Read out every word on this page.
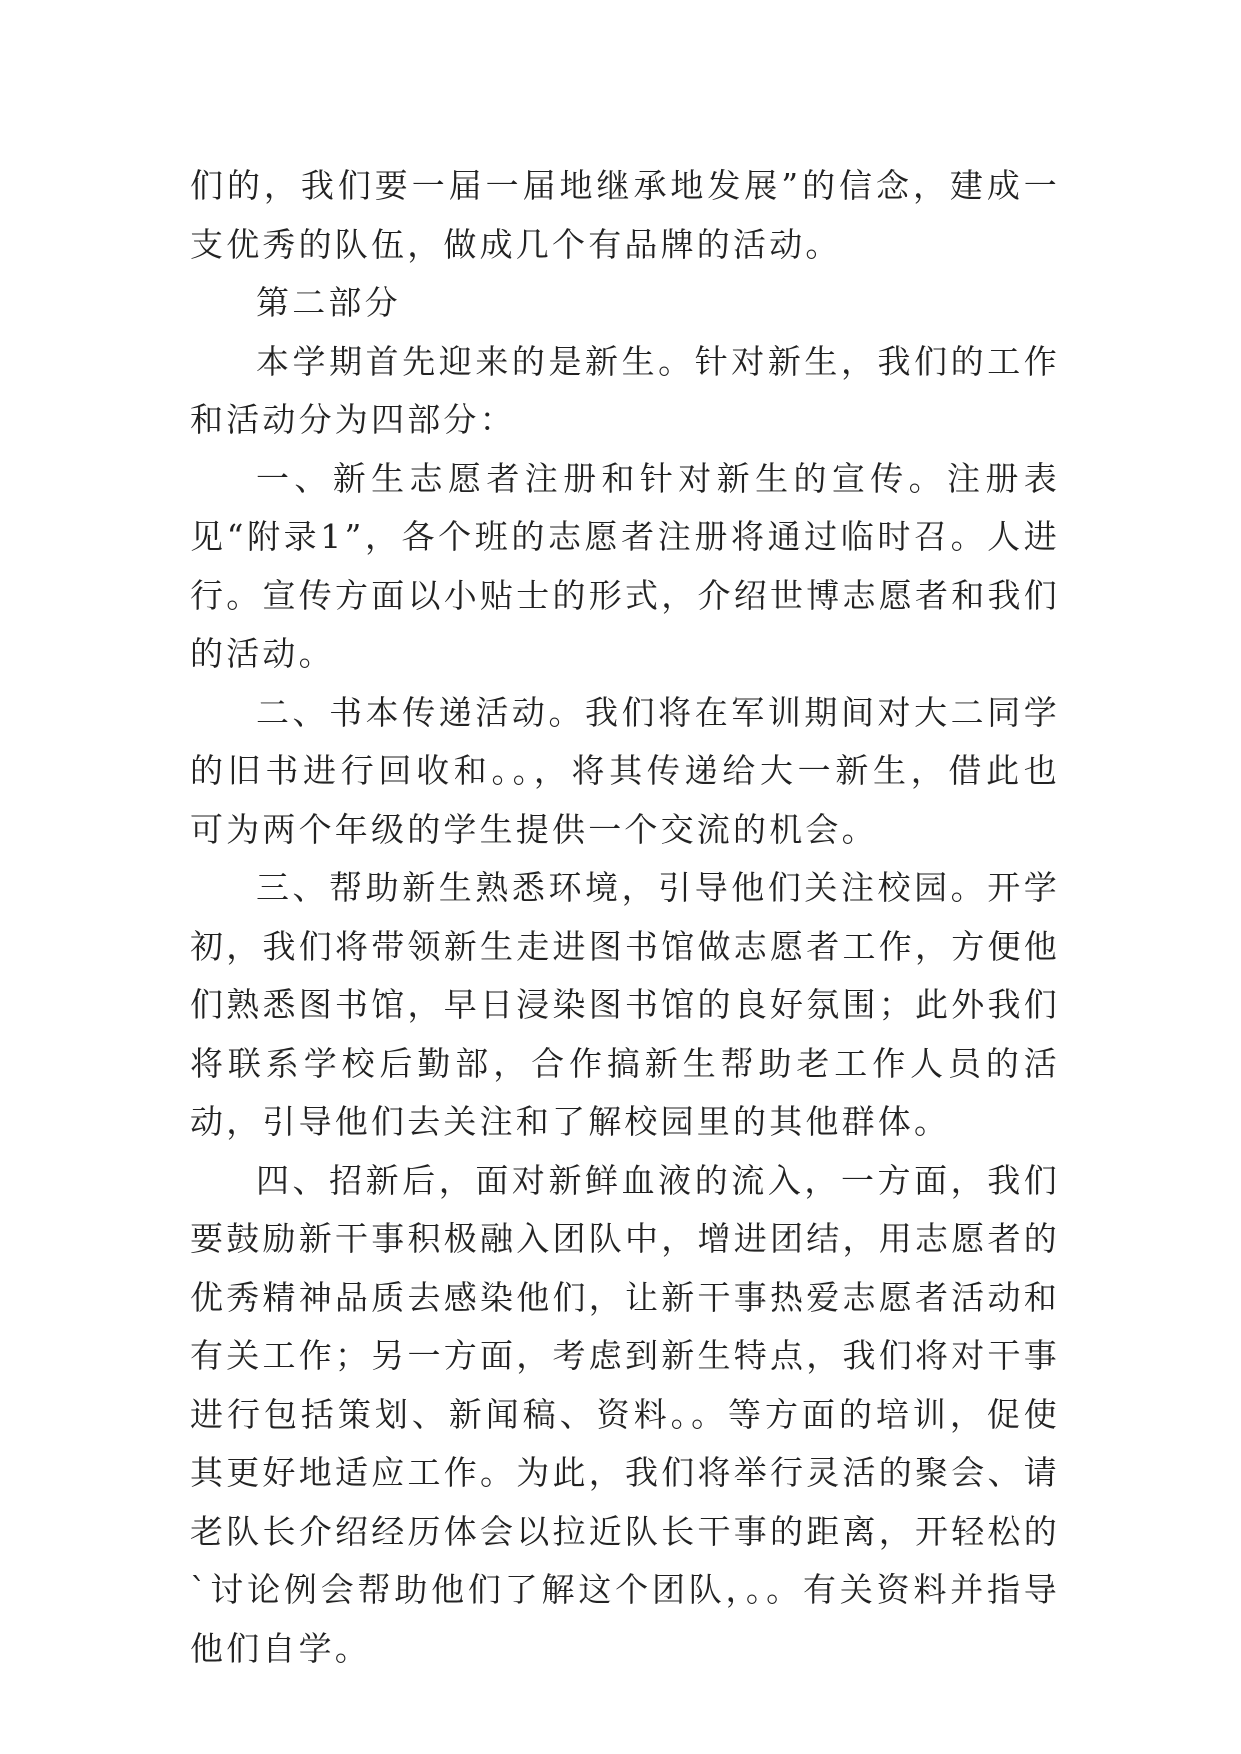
们的，我们要一届一届地继承地发展”的信念，建成一支优秀的队伍，做成几个有品牌的活动。

第二部分

本学期首先迎来的是新生。针对新生，我们的工作和活动分为四部分：

一、新生志愿者注册和针对新生的宣传。注册表见“附录1”，各个班的志愿者注册将通过临时召。人进行。宣传方面以小贴士的形式，介绍世博志愿者和我们的活动。

二、书本传递活动。我们将在军训期间对大二同学的旧书进行回收和。。，将其传递给大一新生，借此也可为两个年级的学生提供一个交流的机会。

三、帮助新生熟悉环境，引导他们关注校园。开学初，我们将带领新生走进图书馆做志愿者工作，方便他们熟悉图书馆，早日浸染图书馆的良好氛围；此外我们将联系学校后勤部，合作搞新生帮助老工作人员的活动，引导他们去关注和了解校园里的其他群体。

四、招新后，面对新鲜血液的流入，一方面，我们要鼓励新干事积极融入团队中，增进团结，用志愿者的优秀精神品质去感染他们，让新干事热爱志愿者活动和有关工作；另一方面，考虑到新生特点，我们将对干事进行包括策划、新闻稿、资料。。等方面的培训，促使其更好地适应工作。为此，我们将举行灵活的聚会、请老队长介绍经历体会以拉近队长干事的距离，开轻松的`讨论例会帮助他们了解这个团队，。。有关资料并指导他们自学。
